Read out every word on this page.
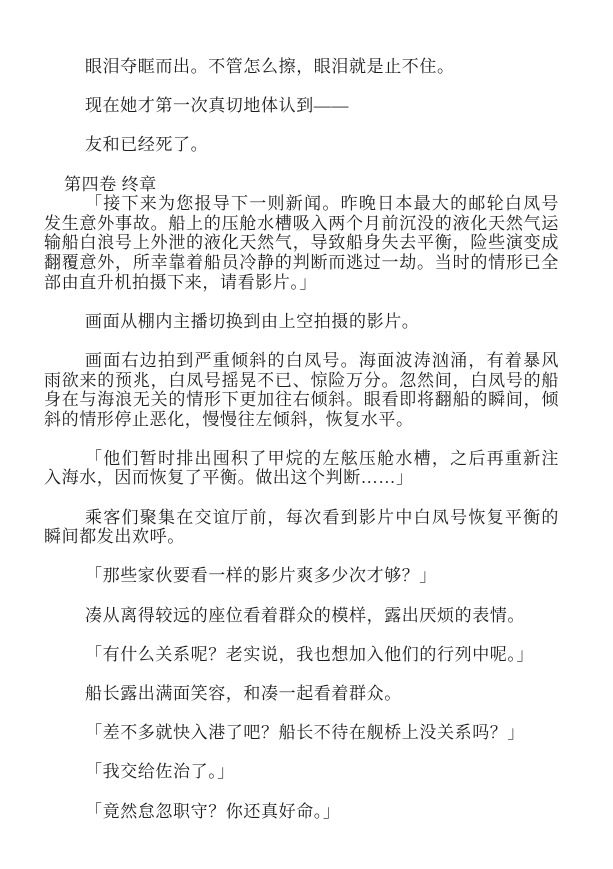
眼泪夺眶而出。不管怎么擦，眼泪就是止不住。

现在她才第一次真切地体认到——

友和已经死了。

第四卷 终章

「接下来为您报导下一则新闻。昨晚日本最大的邮轮白凤号发生意外事故。船上的压舱水槽吸入两个月前沉没的液化天然气运输船白浪号上外泄的液化天然气，导致船身失去平衡，险些演变成翻覆意外，所幸靠着船员冷静的判断而逃过一劫。当时的情形已全部由直升机拍摄下来，请看影片。」

画面从棚内主播切换到由上空拍摄的影片。

画面右边拍到严重倾斜的白凤号。海面波涛汹涌，有着暴风雨欲来的预兆，白凤号摇晃不已、惊险万分。忽然间，白凤号的船身在与海浪无关的情形下更加往右倾斜。眼看即将翻船的瞬间，倾斜的情形停止恶化，慢慢往左倾斜，恢复水平。

「他们暂时排出囤积了甲烷的左舷压舱水槽，之后再重新注入海水，因而恢复了平衡。做出这个判断……」

乘客们聚集在交谊厅前，每次看到影片中白凤号恢复平衡的瞬间都发出欢呼。

「那些家伙要看一样的影片爽多少次才够？」

凑从离得较远的座位看着群众的模样，露出厌烦的表情。

「有什么关系呢？老实说，我也想加入他们的行列中呢。」

船长露出满面笑容，和凑一起看着群众。

「差不多就快入港了吧？船长不待在舰桥上没关系吗？」

「我交给佐治了。」

「竟然怠忽职守？你还真好命。」
